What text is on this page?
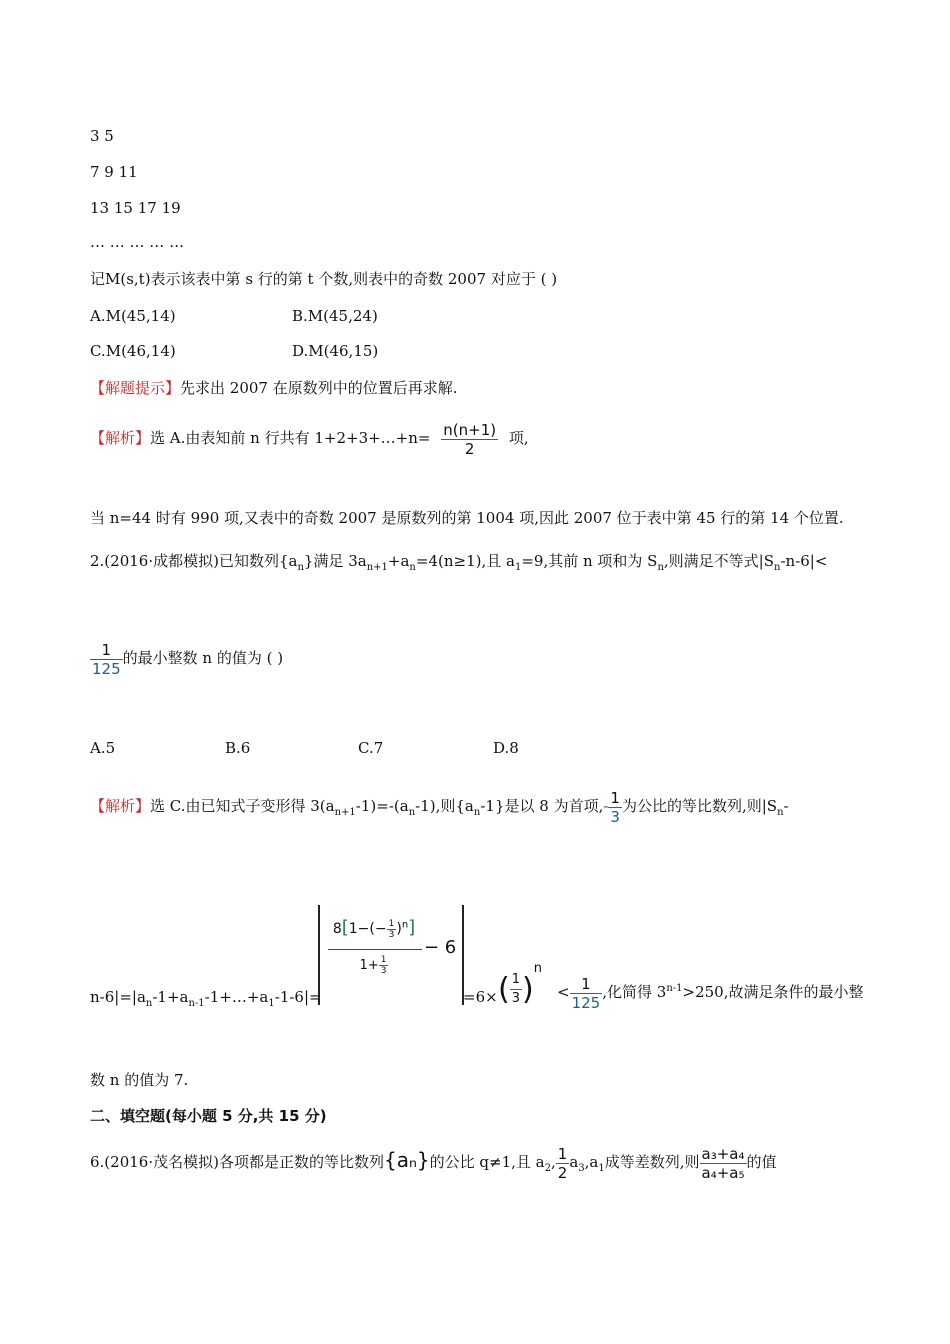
3 5
7 9 11
13 15 17 19
… … … … …
记M(s,t)表示该表中第 s 行的第 t 个数,则表中的奇数 2007 对应于 ( )
A.M(45,14)	B.M(45,24)
C.M(46,14)	D.M(46,15)
【解题提示】先求出 2007 在原数列中的位置后再求解.
【解析】选 A.由表知前 n 行共有 1+2+3+…+n= $\frac{n(n+1)}{2}$ 项,
当 n=44 时有 990 项,又表中的奇数 2007 是原数列的第 1004 项,因此 2007 位于表中第 45 行的第 14 个位置.
2.(2016·成都模拟)已知数列$\{a_n\}$满足 $3a_{n+1}+a_n=4(n\ge 1)$,且 $a_1=9$,其前 n 项和为 $S_n$,则满足不等式$|S_n-n-6|<$
$\frac{1}{125}$ 的最小整数 n 的值为 ( )
A.5	B.6	C.7	D.8
【解析】选 C.由已知式子变形得 $3(a_{n+1}-1)=-(a_n-1)$,则$\{a_n-1\}$是以 8 为首项,- $\frac{1}{3}$ 为公比的等比数列,则$|S_n-$
$n-6|=|a_n-1+a_{n-1}-1+\dots+a_1-1-6|=$
$8[1-(- \frac{1}{3} )^n]$
$1+ \frac{1}{3}$
− 6
=6× ( $\frac{1}{3} )^n$
< $\frac{1}{125}$ ,化简得 $3^{n-1}>250$,故满足条件的最小整
数 n 的值为 7.
二、填空题(每小题 5 分,共 15 分)
6.(2016·茂名模拟)各项都是正数的等比数列{aₙ}的公比 q≠1,且 $a_2$, $\frac{1}{2} a_3,a_1$成等差数列,则 $\frac{\text{a₃+a₄}}{\text{a₄+a₅}}$ 的值
